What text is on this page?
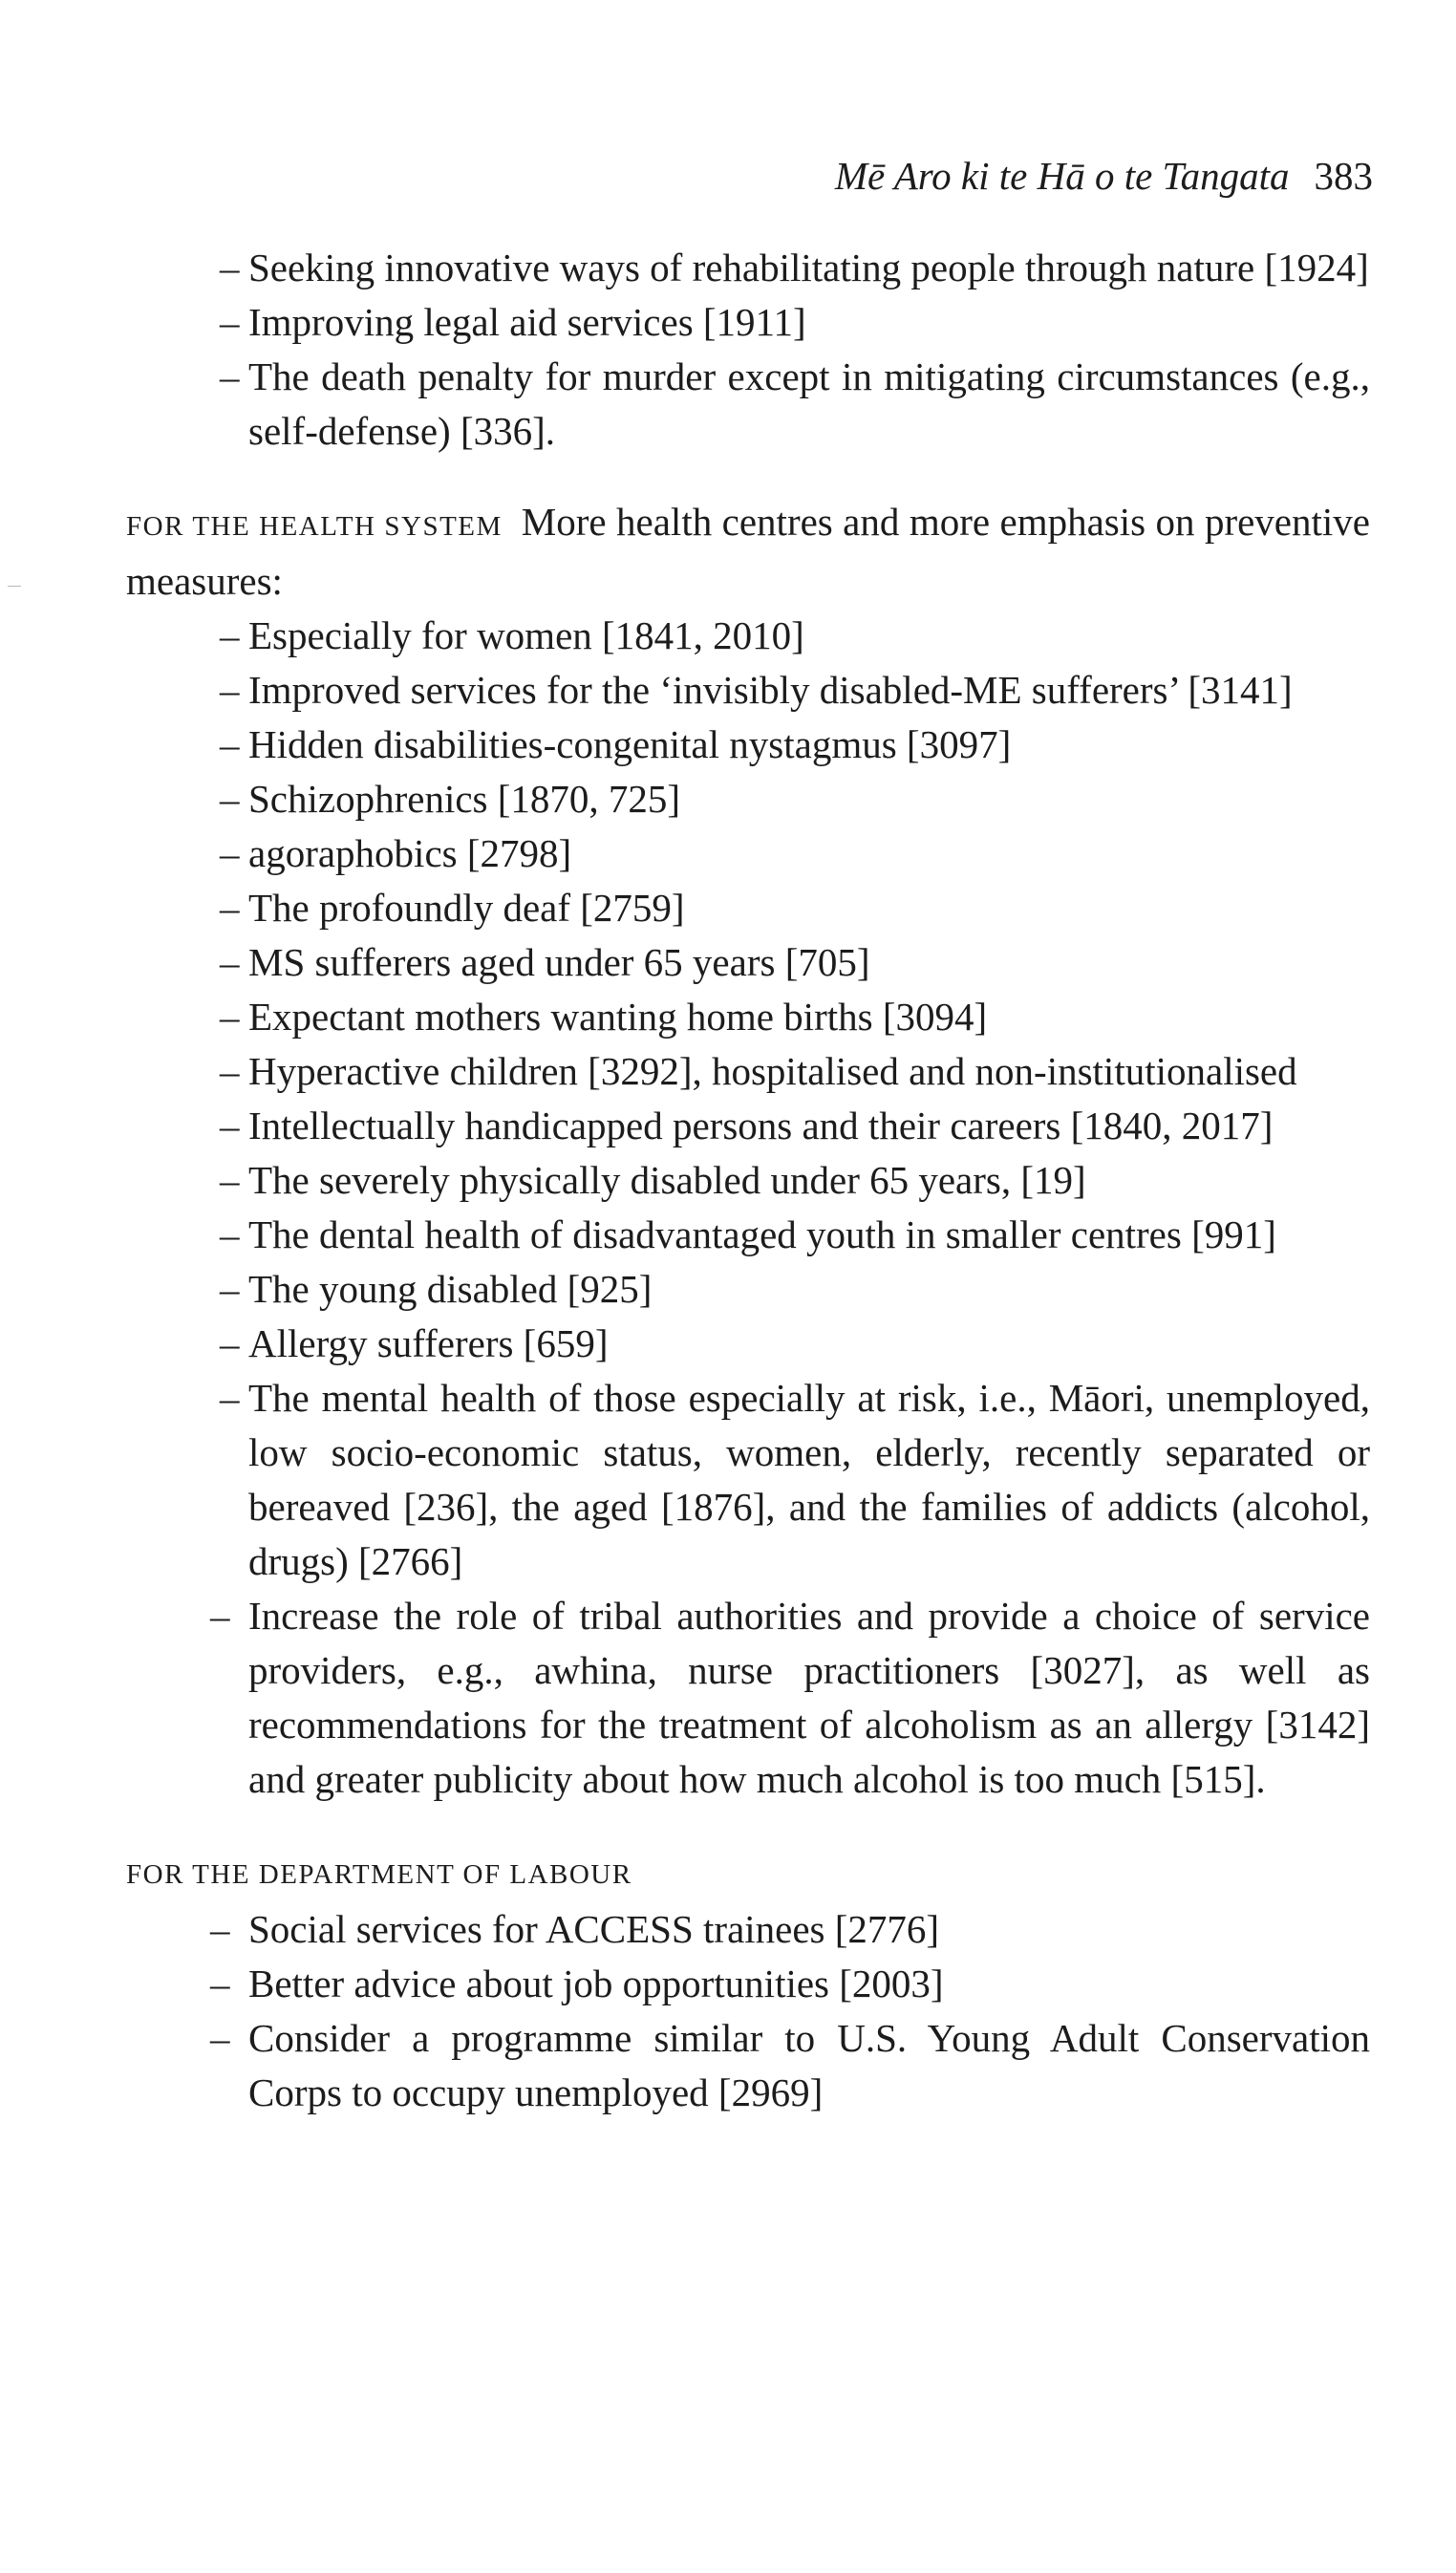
Mē Aro ki te Hā o te Tangata 383

– Seeking innovative ways of rehabilitating people through nature [1924]

– Improving legal aid services [1911]

– The death penalty for murder except in mitigating circumstances (e.g., self-defense) [336].

FOR THE HEALTH SYSTEM More health centres and more emphasis on preventive measures:

– Especially for women [1841, 2010]

– Improved services for the ‘invisibly disabled-ME sufferers’ [3141]

– Hidden disabilities-congenital nystagmus [3097]

– Schizophrenics [1870, 725]

– agoraphobics [2798]

– The profoundly deaf [2759]

– MS sufferers aged under 65 years [705]

– Expectant mothers wanting home births [3094]

– Hyperactive children [3292], hospitalised and non-institutionalised

– Intellectually handicapped persons and their careers [1840, 2017]

– The severely physically disabled under 65 years, [19]

– The dental health of disadvantaged youth in smaller centres [991]

– The young disabled [925]

– Allergy sufferers [659]

– The mental health of those especially at risk, i.e., Māori, unemployed, low socio-economic status, women, elderly, recently separated or bereaved [236], the aged [1876], and the families of addicts (alcohol, drugs) [2766]

– Increase the role of tribal authorities and provide a choice of service providers, e.g., awhina, nurse practitioners [3027], as well as recommendations for the treatment of alcoholism as an allergy [3142] and greater publicity about how much alcohol is too much [515].

FOR THE DEPARTMENT OF LABOUR

– Social services for ACCESS trainees [2776]

– Better advice about job opportunities [2003]

– Consider a programme similar to U.S. Young Adult Conservation Corps to occupy unemployed [2969]
